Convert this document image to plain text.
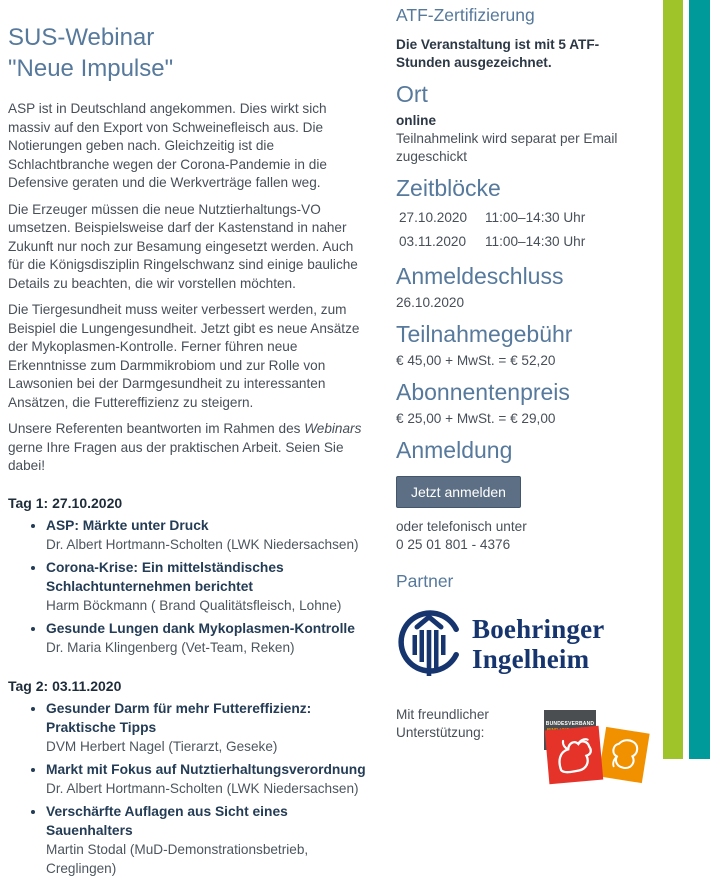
SUS-Webinar
"Neue Impulse"

ASP ist in Deutschland angekommen. Dies wirkt sich massiv auf den Export von Schweinefleisch aus. Die Notierungen geben nach. Gleichzeitig ist die Schlachtbranche wegen der Corona-Pandemie in die Defensive geraten und die Werkverträge fallen weg.

Die Erzeuger müssen die neue Nutztierhaltungs-VO umsetzen. Beispielsweise darf der Kastenstand in naher Zukunft nur noch zur Besamung eingesetzt werden. Auch für die Königsdisziplin Ringelschwanz sind einige bauliche Details zu beachten, die wir vorstellen möchten.

Die Tiergesundheit muss weiter verbessert werden, zum Beispiel die Lungengesundheit. Jetzt gibt es neue Ansätze der Mykoplasmen-Kontrolle. Ferner führen neue Erkenntnisse zum Darmmikrobiom und zur Rolle von Lawsonien bei der Darmgesundheit zu interessanten Ansätzen, die Futtereffizienz zu steigern.

Unsere Referenten beantworten im Rahmen des Webinars gerne Ihre Fragen aus der praktischen Arbeit. Seien Sie dabei!

Tag 1: 27.10.2020
• ASP: Märkte unter Druck
Dr. Albert Hortmann-Scholten (LWK Niedersachsen)
• Corona-Krise: Ein mittelständisches Schlachtunternehmen berichtet
Harm Böckmann ( Brand Qualitätsfleisch, Lohne)
• Gesunde Lungen dank Mykoplasmen-Kontrolle
Dr. Maria Klingenberg (Vet-Team, Reken)
Tag 2: 03.11.2020
• Gesunder Darm für mehr Futtereffizienz: Praktische Tipps
DVM Herbert Nagel (Tierarzt, Geseke)
• Markt mit Fokus auf Nutztierhaltungsverordnung
Dr. Albert Hortmann-Scholten (LWK Niedersachsen)
• Verschärfte Auflagen aus Sicht eines Sauenhalters
Martin Stodal (MuD-Demonstrationsbetrieb, Creglingen)
ATF-Zertifizierung

Die Veranstaltung ist mit 5 ATF-Stunden ausgezeichnet.

Ort

online
Teilnahmelink wird separat per Email zugeschickt

Zeitblöcke
27.10.2020	11:00–14:30 Uhr
03.11.2020	11:00–14:30 Uhr
Anmeldeschluss

26.10.2020

Teilnahmegebühr

€ 45,00 + MwSt. = € 52,20

Abonnentenpreis

€ 25,00 + MwSt. = € 29,00

Anmeldung
Jetzt anmelden

oder telefonisch unter
0 25 01 801 - 4376

Partner
Boehringer
Ingelheim

Mit freundlicher
Unterstützung:

BUNDESVERBAND
